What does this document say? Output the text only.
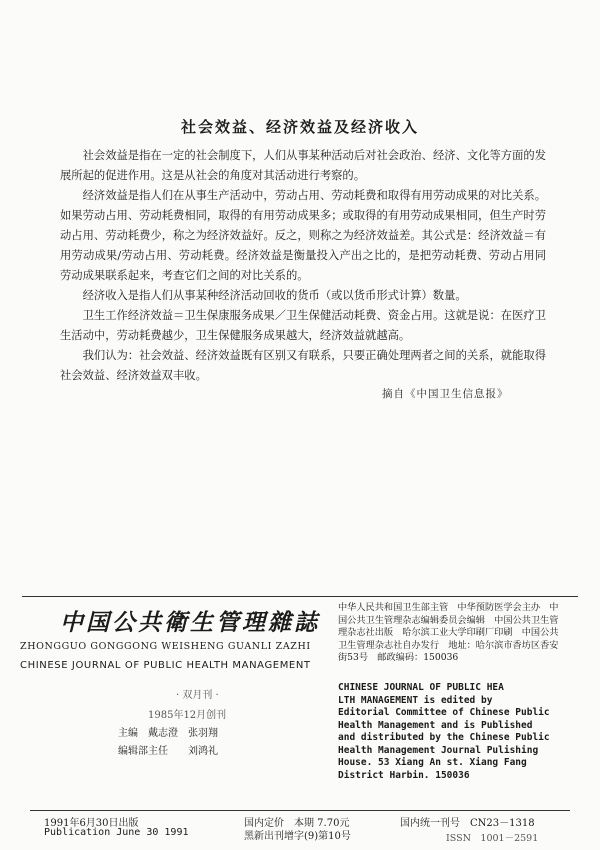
社会效益、经济效益及经济收入

社会效益是指在一定的社会制度下，人们从事某种活动后对社会政治、经济、文化等方面的发展所起的促进作用。这是从社会的角度对其活动进行考察的。

经济效益是指人们在从事生产活动中，劳动占用、劳动耗费和取得有用劳动成果的对比关系。如果劳动占用、劳动耗费相同，取得的有用劳动成果多；或取得的有用劳动成果相同，但生产时劳动占用、劳动耗费少，称之为经济效益好。反之，则称之为经济效益差。其公式是：经济效益＝有用劳动成果/劳动占用、劳动耗费。经济效益是衡量投入产出之比的，是把劳动耗费、劳动占用同劳动成果联系起来，考查它们之间的对比关系的。

经济收入是指人们从事某种经济活动回收的货币（或以货币形式计算）数量。

卫生工作经济效益＝卫生保康服务成果／卫生保健活动耗费、资金占用。这就是说：在医疗卫生活动中，劳动耗费越少，卫生保健服务成果越大，经济效益就越高。

我们认为：社会效益、经济效益既有区别又有联系，只要正确处理两者之间的关系，就能取得社会效益、经济效益双丰收。

摘自《中国卫生信息报》
中国公共衛生管理雜誌
ZHONGGUO GONGGONG WEISHENG GUANLI ZAZHI
CHINESE JOURNAL OF PUBLIC HEALTH MANAGEMENT
· 双月刊 ·
1985年12月创刊
主编　戴志澄　张羽翔
编辑部主任　　刘鸿礼

中华人民共和国卫生部主管　中华预防医学会主办　中国公共卫生管理杂志编辑委员会编辑　中国公共卫生管理杂志社出版　哈尔滨工业大学印刷厂印刷　中国公共卫生管理杂志社自办发行　地址：哈尔滨市香坊区香安街53号　邮政编码：150036

CHINESE JOURNAL OF PUBLIC HEA
LTH MANAGEMENT is edited by
Editorial Committee of Chinese Public
Health Management and is Published
and distributed by the Chinese Public
Health Management Journal Pulishing
House. 53 Xiang An st. Xiang Fang
District Harbin. 150036

1991年6月30日出版
Publication June 30 1991
国内定价　本期 7.70元
黑新出刊增字(9)第10号
国内统一刊号　CN23－1318
ISSN　1001－2591
